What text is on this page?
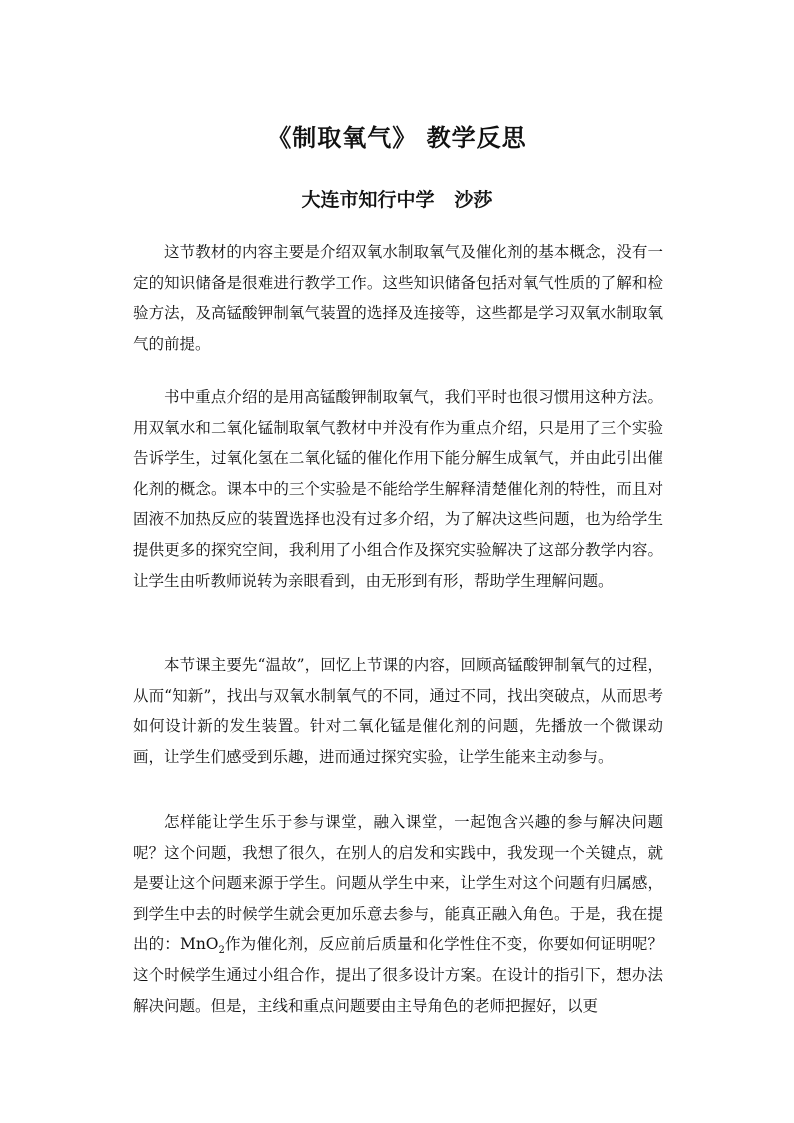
《制取氧气》 教学反思
大连市知行中学 沙莎

这节教材的内容主要是介绍双氧水制取氧气及催化剂的基本概念，没有一定的知识储备是很难进行教学工作。这些知识储备包括对氧气性质的了解和检验方法，及高锰酸钾制氧气装置的选择及连接等，这些都是学习双氧水制取氧气的前提。

书中重点介绍的是用高锰酸钾制取氧气，我们平时也很习惯用这种方法。用双氧水和二氧化锰制取氧气教材中并没有作为重点介绍，只是用了三个实验告诉学生，过氧化氢在二氧化锰的催化作用下能分解生成氧气，并由此引出催化剂的概念。课本中的三个实验是不能给学生解释清楚催化剂的特性，而且对固液不加热反应的装置选择也没有过多介绍，为了解决这些问题，也为给学生提供更多的探究空间，我利用了小组合作及探究实验解决了这部分教学内容。让学生由听教师说转为亲眼看到，由无形到有形，帮助学生理解问题。

本节课主要先“温故”，回忆上节课的内容，回顾高锰酸钾制氧气的过程，从而“知新”，找出与双氧水制氧气的不同，通过不同，找出突破点，从而思考如何设计新的发生装置。针对二氧化锰是催化剂的问题，先播放一个微课动画，让学生们感受到乐趣，进而通过探究实验，让学生能来主动参与。

怎样能让学生乐于参与课堂，融入课堂，一起饱含兴趣的参与解决问题呢？这个问题，我想了很久，在别人的启发和实践中，我发现一个关键点，就是要让这个问题来源于学生。问题从学生中来，让学生对这个问题有归属感，到学生中去的时候学生就会更加乐意去参与，能真正融入角色。于是，我在提出的：MnO$_2$作为催化剂，反应前后质量和化学性住不变，你要如何证明呢？这个时候学生通过小组合作，提出了很多设计方案。在设计的指引下，想办法解决问题。但是，主线和重点问题要由主导角色的老师把握好，以更
